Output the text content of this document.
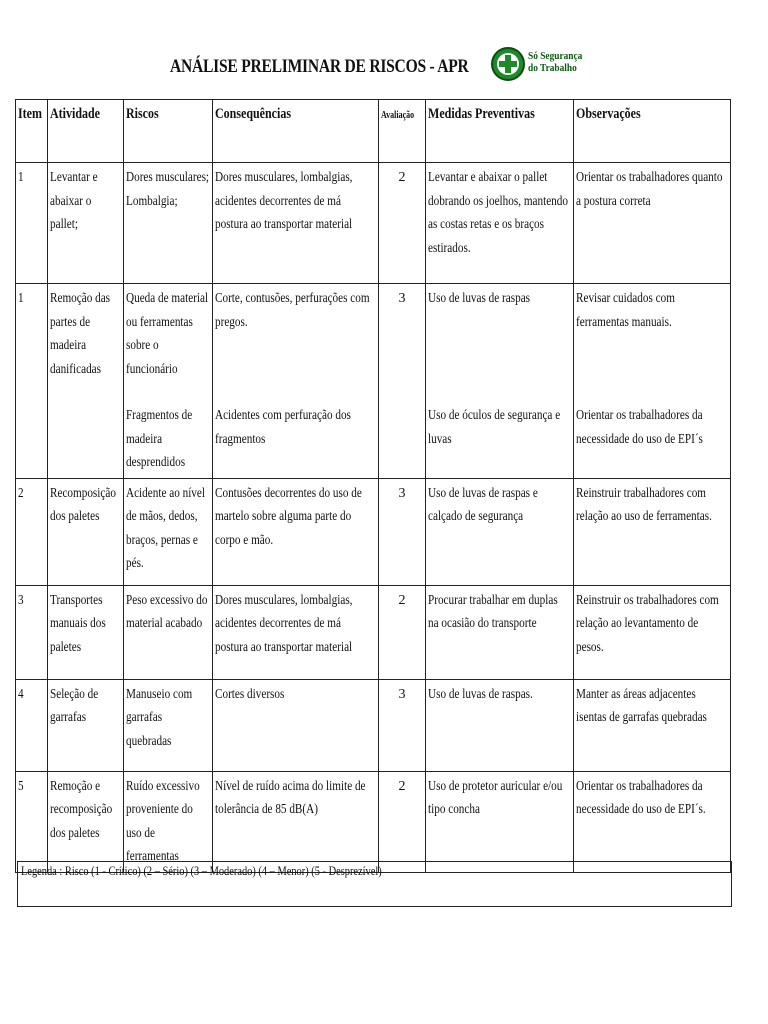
ANÁLISE PRELIMINAR DE RISCOS - APR	Só Segurança
do Trabalho
Item	Atividade	Riscos	Consequências	Avaliação	Medidas Preventivas	Observações
1	Levantar e abaixar o pallet;	Dores musculares; Lombalgia;	Dores musculares, lombalgias, acidentes decorrentes de má postura ao transportar material	2	Levantar e abaixar o pallet dobrando os joelhos, mantendo as costas retas e os braços estirados.	Orientar os trabalhadores quanto a postura correta
1	Remoção das partes de madeira danificadas	Queda de material ou ferramentas sobre o funcionário Fragmentos de madeira desprendidos	Corte, contusões, perfurações com pregos. Acidentes com perfuração dos fragmentos	3	Uso de luvas de raspas Uso de óculos de segurança e luvas	Revisar cuidados com ferramentas manuais. Orientar os trabalhadores da necessidade do uso de EPI´s
2	Recomposição dos paletes	Acidente ao nível de mãos, dedos, braços, pernas e pés.	Contusões decorrentes do uso de martelo sobre alguma parte do corpo e mão.	3	Uso de luvas de raspas e calçado de segurança	Reinstruir trabalhadores com relação ao uso de ferramentas.
3	Transportes manuais dos paletes	Peso excessivo do material acabado	Dores musculares, lombalgias, acidentes decorrentes de má postura ao transportar material	2	Procurar trabalhar em duplas na ocasião do transporte	Reinstruir os trabalhadores com relação ao levantamento de pesos.
4	Seleção de garrafas	Manuseio com garrafas quebradas	Cortes diversos	3	Uso de luvas de raspas.	Manter as áreas adjacentes isentas de garrafas quebradas
5	Remoção e recomposição dos paletes	Ruído excessivo proveniente do uso de ferramentas	Nível de ruído acima do limite de tolerância de 85 dB(A)	2	Uso de protetor auricular e/ou tipo concha	Orientar os trabalhadores da necessidade do uso de EPI´s.
Legenda : Risco (1 - Crítico) (2 – Sério) (3 – Moderado) (4 – Menor) (5 - Desprezível)
